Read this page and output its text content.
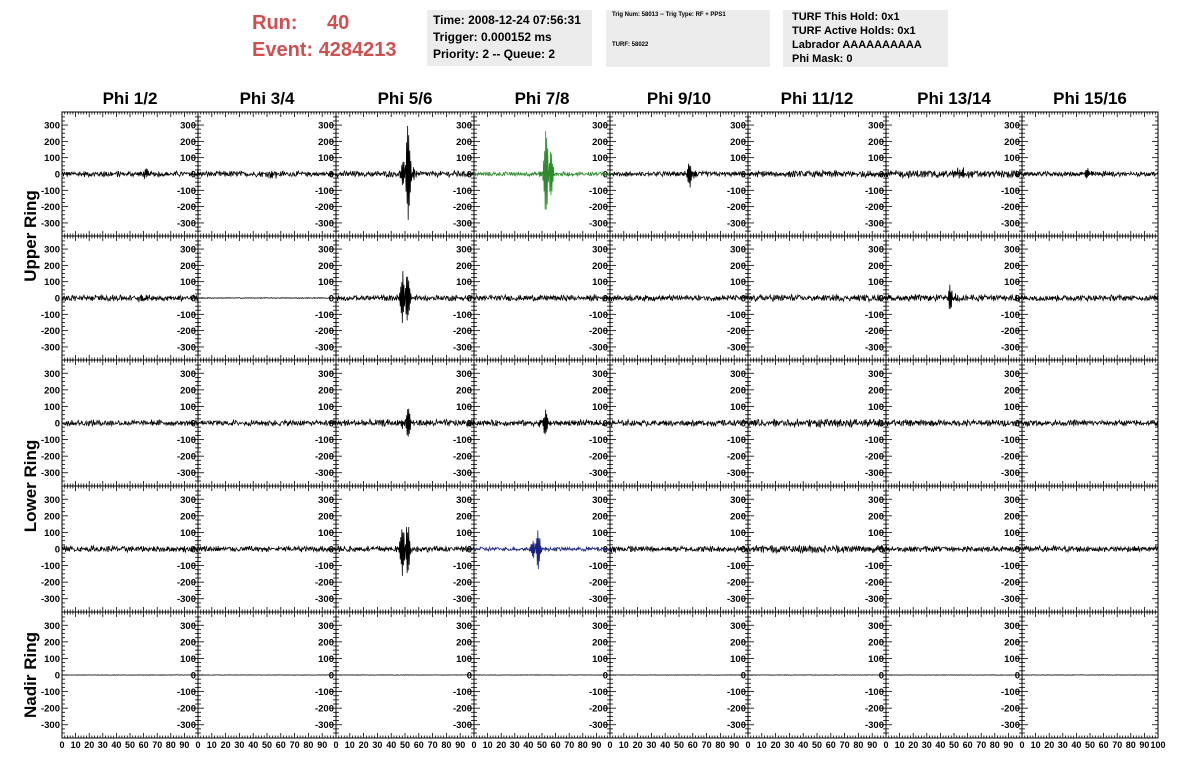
Run:	40
Event:
4284213
Time: 2008-12-24 07:56:31
Trigger: 0.000152 ms
Priority: 2 -- Queue: 2
Trig Num: 58013 -- Trig Type: RF + PPS1
TURF: 58022
TURF This Hold: 0x1
TURF Active Holds: 0x1
Labrador AAAAAAAAAA
Phi Mask: 0
Phi 1/2	Phi 3/4	Phi 5/6	Phi 7/8	Phi 9/10	Phi 11/12	Phi 13/14	Phi 15/16
Upper Ring
Lower Ring
Nadir Ring
300	300
200	200
100	100
0	0
-100	-100
-200	-200
-300	-300
300
200
100
0
-100
-200
-300
300
200
100
0
-100
-200
-300
300
200
100
0
-100
-200
-300
300
200
100
0
-100
-200
-300
300
200
100
0
-100
-200
-300
300
200
100
0
-100
-200
-300
300	300
200	200
100	100
0	0
-100	-100
-200	-200
-300	-300
300
200
100
0
-100
-200
-300
300
200
100
0
-100
-200
-300
300
200
100
0
-100
-200
-300
300
200
100
0
-100
-200
-300
300
200
100
0
-100
-200
-300
300
200
100
0
-100
-200
-300
300	300
200	200
100	100
0	0
-100	-100
-200	-200
-300	-300
300
200
100
0
-100
-200
-300
300
200
100
0
-100
-200
-300
300
200
100
0
-100
-200
-300
300
200
100
0
-100
-200
-300
300
200
100
0
-100
-200
-300
300
200
100
0
-100
-200
-300
300	300
200	200
100	100
0	0
-100	-100
-200	-200
-300	-300
300
200
100
0
-100
-200
-300
300
200
100
0
-100
-200
-300
300
200
100
0
-100
-200
-300
300
200
100
0
-100
-200
-300
300
200
100
0
-100
-200
-300
300
200
100
0
-100
-200
-300
300	300
200	200
100	100
0	0
-100	-100
-200	-200
-300	-300
300
200
100
0
-100
-200
-300
300
200
100
0
-100
-200
-300
300
200
100
0
-100
-200
-300
300
200
100
0
-100
-200
-300
300
200
100
0
-100
-200
-300
300
200
100
0
-100
-200
-300
0 10 20 30 40 50 60 70 80 90 0 10 20 30 40 50 60 70 80 90 0 10 20 30 40 50 60 70 80 90 0 10 20 30 40 50 60 70 80 90 0 10 20 30 40 50 60 70 80 90 0 10 20 30 40 50 60 70 80 90 0 10 20 30 40 50 60 70 80 90 0 10 20 30 40 50 60 70 80 90 100
